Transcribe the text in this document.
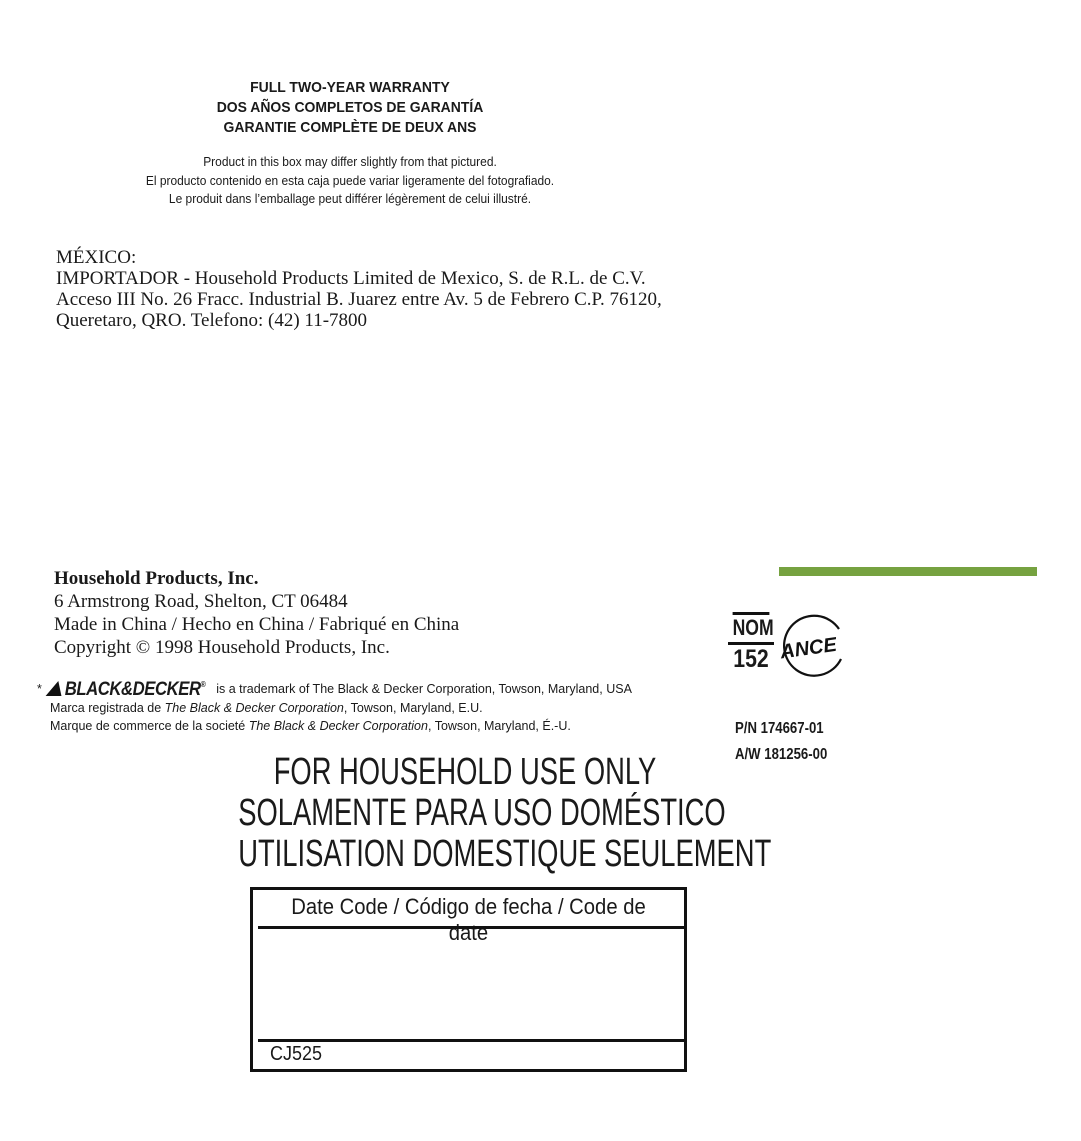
FULL TWO-YEAR WARRANTY
DOS AÑOS COMPLETOS DE GARANTÍA
GARANTIE COMPLÈTE DE DEUX ANS
Product in this box may differ slightly from that pictured.
El producto contenido en esta caja puede variar ligeramente del fotografiado.
Le produit dans l’emballage peut différer légèrement de celui illustré.
MÉXICO:
IMPORTADOR - Household Products Limited de Mexico, S. de R.L. de C.V.
Acceso III No. 26 Fracc. Industrial B. Juarez entre Av. 5 de Febrero C.P. 76120,
Queretaro, QRO. Telefono: (42) 11-7800
Household Products, Inc.
6 Armstrong Road, Shelton, CT 06484
Made in China / Hecho en China / Fabriqué en China
Copyright © 1998 Household Products, Inc.
* BLACK&DECKER® is a trademark of The Black & Decker Corporation, Towson, Maryland, USA
Marca registrada de The Black & Decker Corporation, Towson, Maryland, E.U.
Marque de commerce de la societé The Black & Decker Corporation, Towson, Maryland, É.-U.
NOM
152 ANCE
P/N 174667-01
A/W 181256-00
FOR HOUSEHOLD USE ONLY
SOLAMENTE PARA USO DOMÉSTICO
UTILISATION DOMESTIQUE SEULEMENT
Date Code / Código de fecha / Code de date
CJ525
